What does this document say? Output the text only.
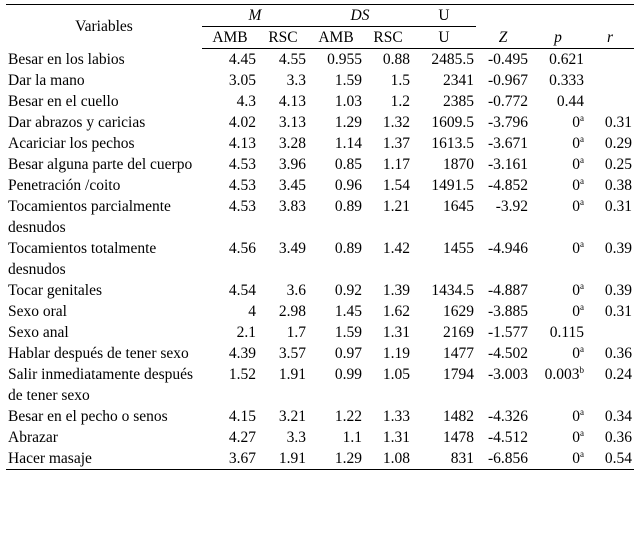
Variables	M		DS		U			
	AMB	RSC	AMB	RSC	U	Z	p	r
Besar en los labios	4.45	4.55	0.955	0.88	2485.5	-0.495	0.621	
Dar la mano	3.05	3.3	1.59	1.5	2341	-0.967	0.333	
Besar en el cuello	4.3	4.13	1.03	1.2	2385	-0.772	0.44	
Dar abrazos y caricias	4.02	3.13	1.29	1.32	1609.5	-3.796	0$^a$	0.31
Acariciar los pechos	4.13	3.28	1.14	1.37	1613.5	-3.671	0$^a$	0.29
Besar alguna parte del cuerpo	4.53	3.96	0.85	1.17	1870	-3.161	0$^a$	0.25
Penetración /coito	4.53	3.45	0.96	1.54	1491.5	-4.852	0$^a$	0.38
Tocamientos parcialmente desnudos	4.53	3.83	0.89	1.21	1645	-3.92	0$^a$	0.31
Tocamientos totalmente desnudos	4.56	3.49	0.89	1.42	1455	-4.946	0$^a$	0.39
Tocar genitales	4.54	3.6	0.92	1.39	1434.5	-4.887	0$^a$	0.39
Sexo oral	4	2.98	1.45	1.62	1629	-3.885	0$^a$	0.31
Sexo anal	2.1	1.7	1.59	1.31	2169	-1.577	0.115	
Hablar después de tener sexo	4.39	3.57	0.97	1.19	1477	-4.502	0$^a$	0.36
Salir inmediatamente después de tener sexo	1.52	1.91	0.99	1.05	1794	-3.003	0.003$^b$	0.24
Besar en el pecho o senos	4.15	3.21	1.22	1.33	1482	-4.326	0$^a$	0.34
Abrazar	4.27	3.3	1.1	1.31	1478	-4.512	0$^a$	0.36
Hacer masaje	3.67	1.91	1.29	1.08	831	-6.856	0$^a$	0.54
